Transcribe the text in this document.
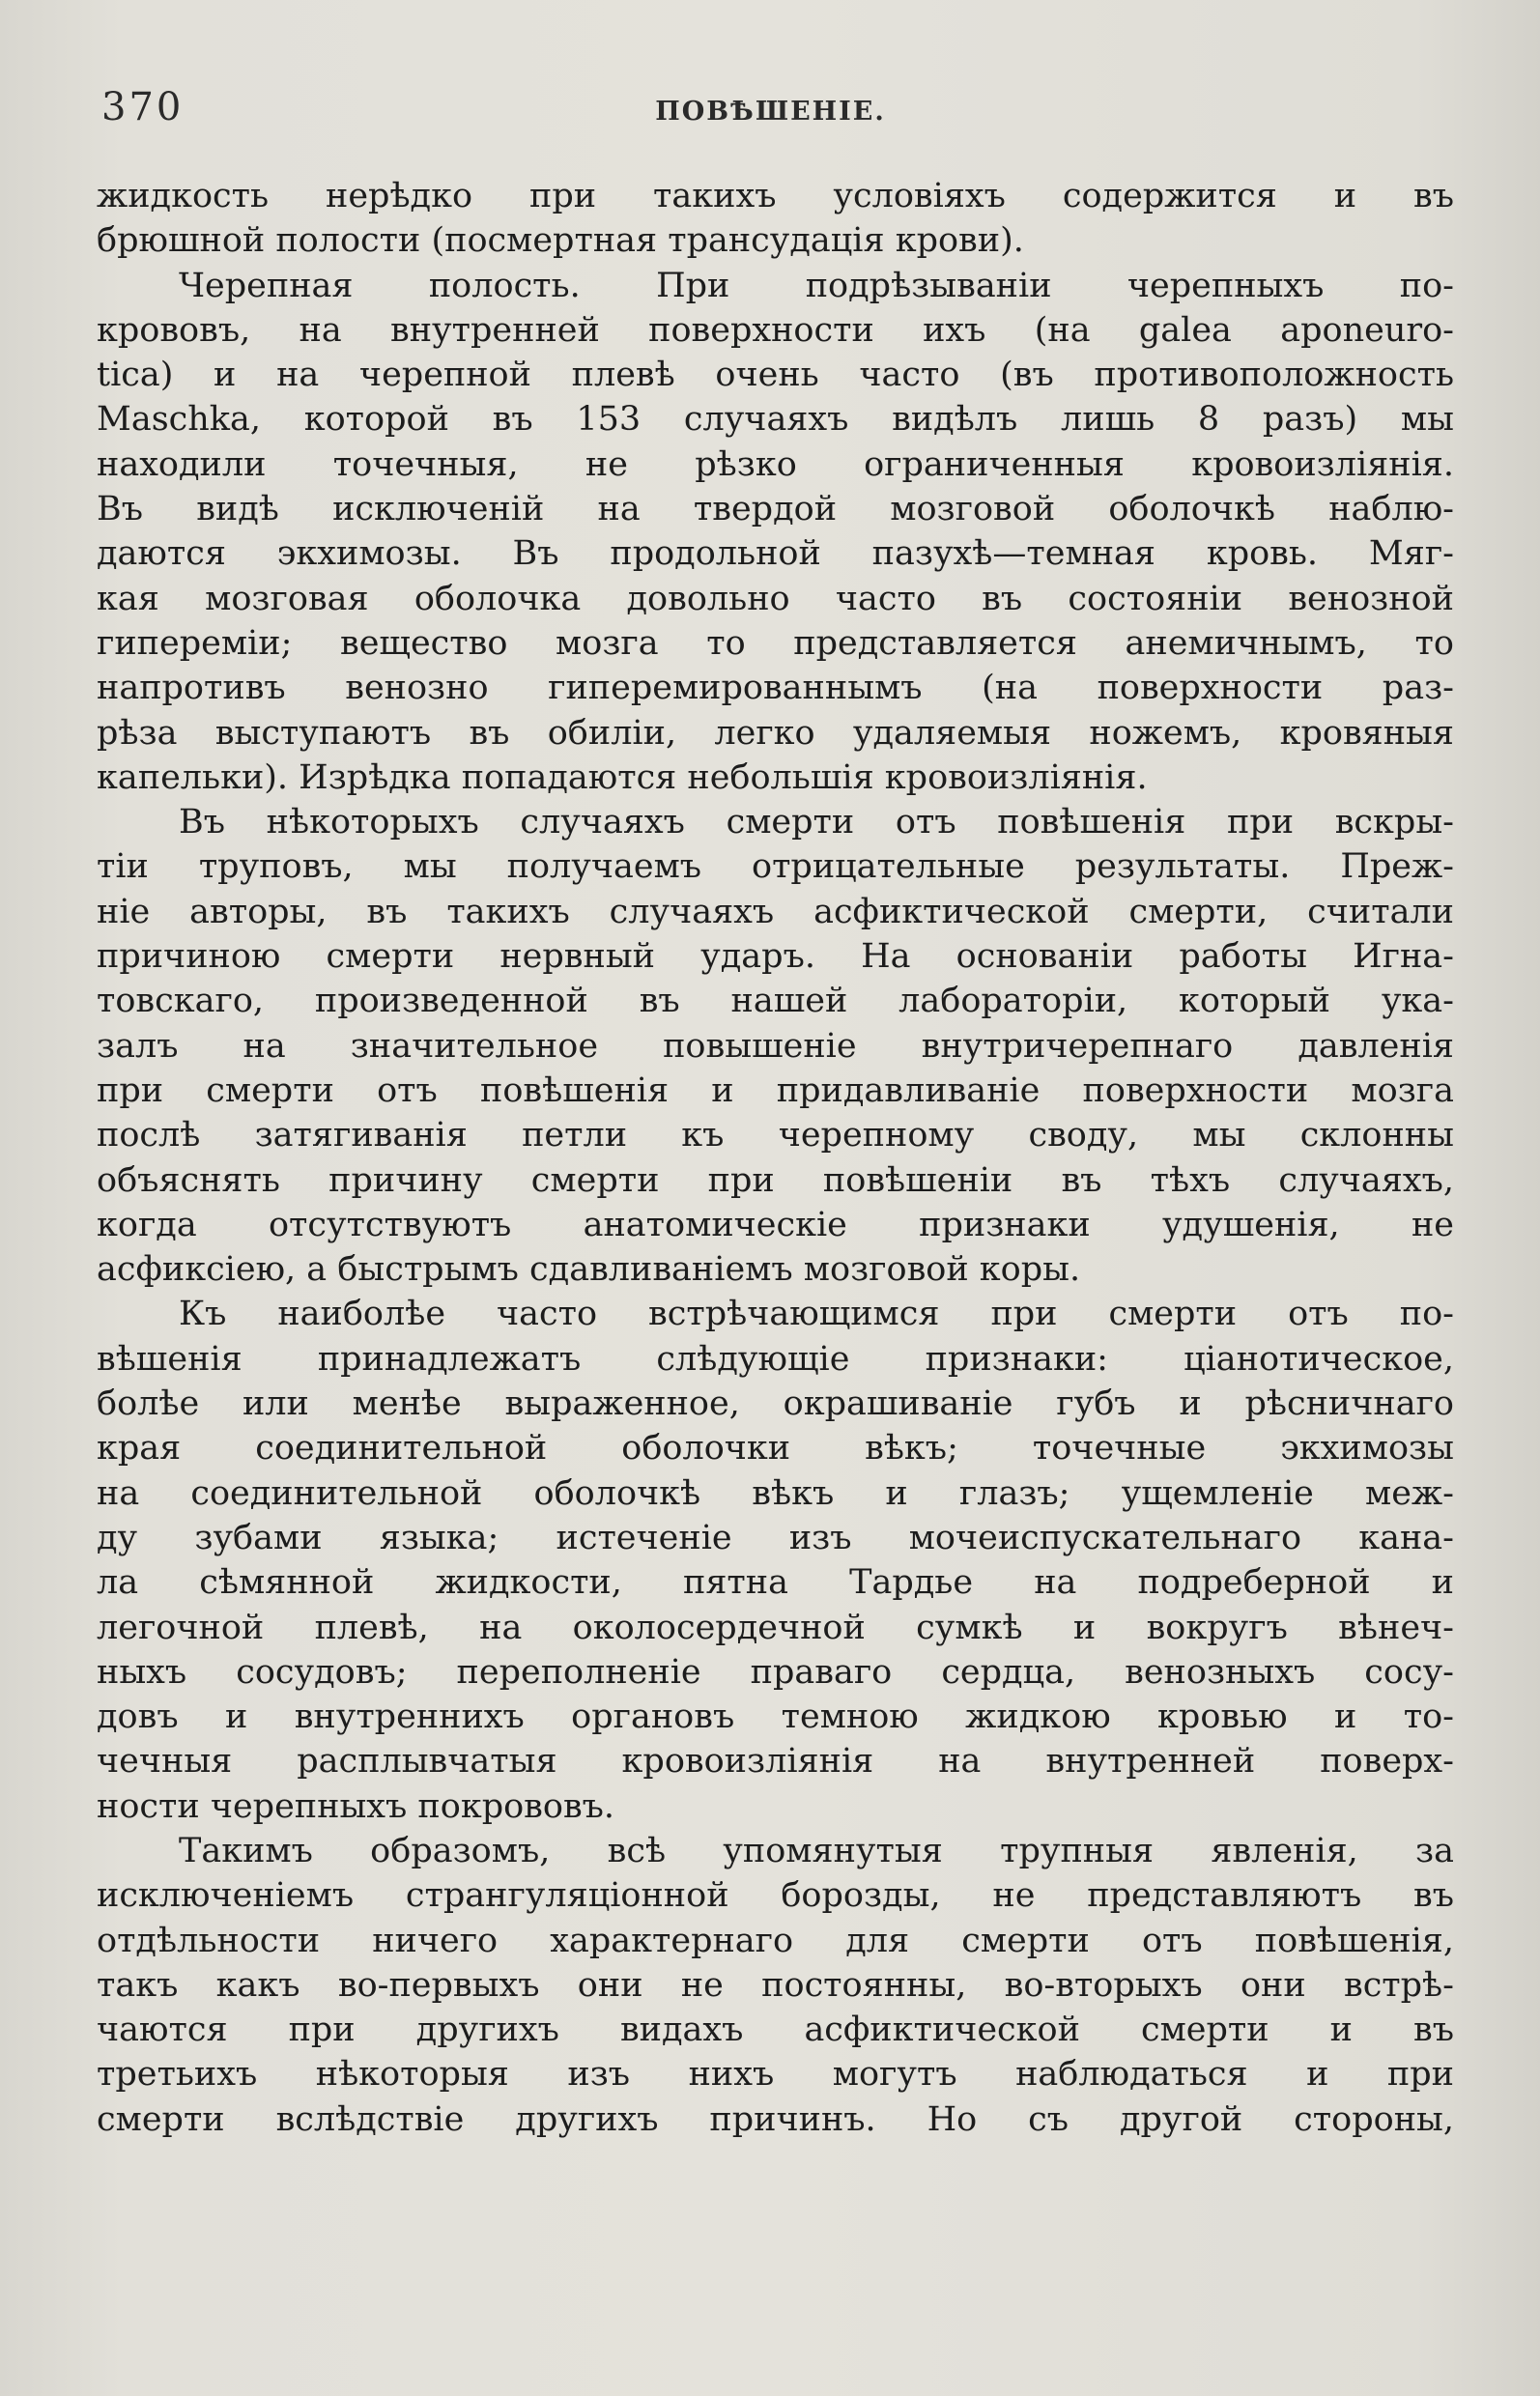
370	ПОВѢШЕНІЕ.
жидкость нерѣдко при такихъ условіяхъ содержится и въ
брюшной полости (посмертная трансудація крови).
Черепная полость. При подрѣзываніи черепныхъ по-
крововъ, на внутренней поверхности ихъ (на galea aponeuro-
tica) и на черепной плевѣ очень часто (въ противоположность
Maschka, которой въ 153 случаяхъ видѣлъ лишь 8 разъ) мы
находили точечныя, не рѣзко ограниченныя кровоизліянія.
Въ видѣ исключеній на твердой мозговой оболочкѣ наблю-
даются экхимозы. Въ продольной пазухѣ—темная кровь. Мяг-
кая мозговая оболочка довольно часто въ состояніи венозной
гипереміи; вещество мозга то представляется анемичнымъ, то
напротивъ венозно гиперемированнымъ (на поверхности раз-
рѣза выступаютъ въ обиліи, легко удаляемыя ножемъ, кровяныя
капельки). Изрѣдка попадаются небольшія кровоизліянія.
Въ нѣкоторыхъ случаяхъ смерти отъ повѣшенія при вскры-
тіи труповъ, мы получаемъ отрицательные результаты. Преж-
ніе авторы, въ такихъ случаяхъ асфиктической смерти, считали
причиною смерти нервный ударъ. На основаніи работы Игна-
товскаго, произведенной въ нашей лабораторіи, который ука-
залъ на значительное повышеніе внутричерепнаго давленія
при смерти отъ повѣшенія и придавливаніе поверхности мозга
послѣ затягиванія петли къ черепному своду, мы склонны
объяснять причину смерти при повѣшеніи въ тѣхъ случаяхъ,
когда отсутствуютъ анатомическіе признаки удушенія, не
асфиксіею, а быстрымъ сдавливаніемъ мозговой коры.
Къ наиболѣе часто встрѣчающимся при смерти отъ по-
вѣшенія принадлежатъ слѣдующіе признаки: ціанотическое,
болѣе или менѣе выраженное, окрашиваніе губъ и рѣсничнаго
края соединительной оболочки вѣкъ; точечные экхимозы
на соединительной оболочкѣ вѣкъ и глазъ; ущемленіе меж-
ду зубами языка; истеченіе изъ мочеиспускательнаго кана-
ла сѣмянной жидкости, пятна Тардье на подреберной и
легочной плевѣ, на околосердечной сумкѣ и вокругъ вѣнеч-
ныхъ сосудовъ; переполненіе праваго сердца, венозныхъ сосу-
довъ и внутреннихъ органовъ темною жидкою кровью и то-
чечныя расплывчатыя кровоизліянія на внутренней поверх-
ности черепныхъ покрововъ.
Такимъ образомъ, всѣ упомянутыя трупныя явленія, за
исключеніемъ странгуляціонной борозды, не представляютъ въ
отдѣльности ничего характернаго для смерти отъ повѣшенія,
такъ какъ во-первыхъ они не постоянны, во-вторыхъ они встрѣ-
чаются при другихъ видахъ асфиктической смерти и въ
третьихъ нѣкоторыя изъ нихъ могутъ наблюдаться и при
смерти вслѣдствіе другихъ причинъ. Но съ другой стороны,
